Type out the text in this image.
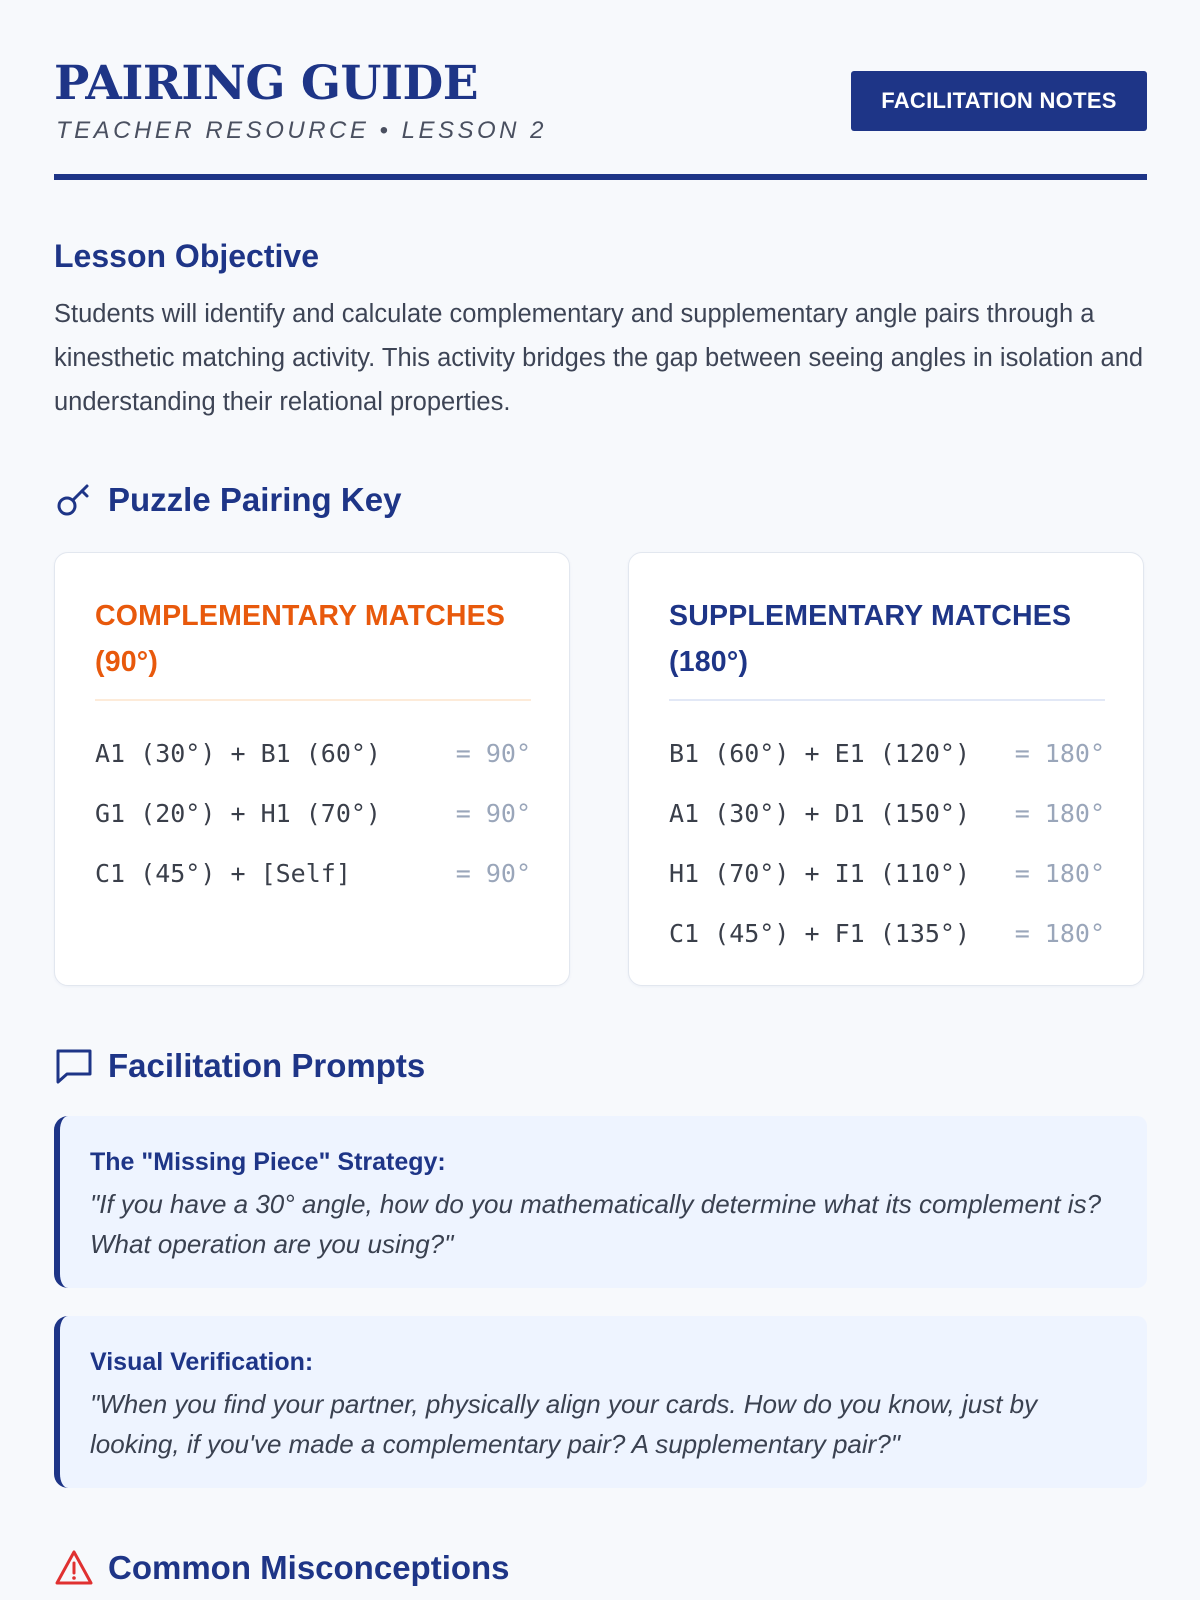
PAIRING GUIDE
TEACHER RESOURCE • LESSON 2
FACILITATION NOTES
Lesson Objective

Students will identify and calculate complementary and supplementary angle pairs through a kinesthetic matching activity. This activity bridges the gap between seeing angles in isolation and understanding their relational properties.

Puzzle Pairing Key
COMPLEMENTARY MATCHES (90°)
A1 (30°) + B1 (60°)	= 90°
G1 (20°) + H1 (70°)	= 90°
C1 (45°) + [Self]	= 90°
SUPPLEMENTARY MATCHES (180°)
B1 (60°) + E1 (120°) = 180°
A1 (30°) + D1 (150°) = 180°
H1 (70°) + I1 (110°) = 180°
C1 (45°) + F1 (135°) = 180°
Facilitation Prompts

The "Missing Piece" Strategy:

"If you have a 30° angle, how do you mathematically determine what its complement is? What operation are you using?"

Visual Verification:

"When you find your partner, physically align your cards. How do you know, just by looking, if you've made a complementary pair? A supplementary pair?"

Common Misconceptions
